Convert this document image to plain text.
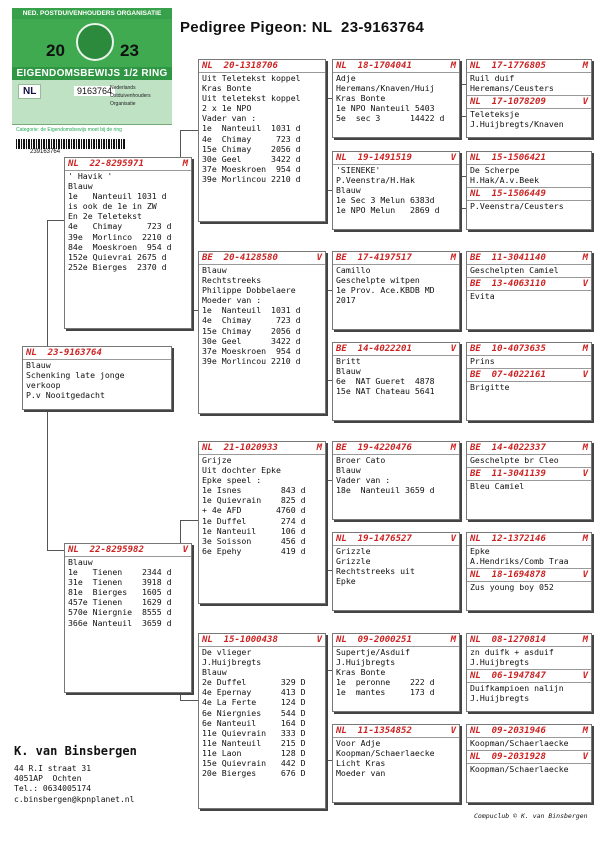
NED. POSTDUIVENHOUDERS ORGANISATIE
20	23
EIGENDOMSBEWIJS 1/2 RING
NL	9163764
Nederlands
Ostduivenhouders
Organisatie
Categorie: de Eigendomsbewijs moet bij de ring
239163764
Pedigree Pigeon: NL  23-9163764
NL  23-9163764
Blauw
Schenking late jonge
verkoop
P.v Nooitgedacht
NL  22-8295971	M
' Havik '
Blauw
1e   Nanteuil 1031 d
is ook de 1e in ZW
En 2e Teletekst
4e   Chimay     723 d
39e  Morlinco  2210 d
84e  Moeskroen  954 d
152e Quievrai 2675 d
252e Bierges  2370 d
NL  22-8295982	V
Blauw
1e   Tienen    2344 d
31e  Tienen    3918 d
81e  Bierges   1605 d
457e Tienen    1629 d
570e Niergnie  8555 d
366e Nanteuil  3659 d
NL  20-1318706
Uit Teletekst koppel
Kras Bonte
Uit teletekst koppel
2 x 1e NPO
Vader van :
1e  Nanteuil  1031 d
4e  Chimay     723 d
15e Chimay    2056 d
30e Geel      3422 d
37e Moeskroen  954 d
39e Morlincou 2210 d
BE  20-4128580	V
Blauw
Rechtstreeks
Philippe Dobbelaere
Moeder van :
1e  Nanteuil  1031 d
4e  Chimay     723 d
15e Chimay    2056 d
30e Geel      3422 d
37e Moeskroen  954 d
39e Morlincou 2210 d
NL  21-1020933	M
Grijze
Uit dochter Epke
Epke speel :
1e Isnes        843 d
1e Quievrain    825 d
+ 4e AFD       4760 d
1e Duffel       274 d
1e Nanteuil     106 d
3e Soisson      456 d
6e Epehy        419 d
NL  15-1000438	V
De vlieger
J.Huijbregts
Blauw
2e Duffel       329 D
4e Epernay      413 D
4e La Ferte     124 D
6e Niergnies    544 D
6e Nanteuil     164 D
11e Quievrain   333 D
11e Nanteuil    215 D
11e Laon        128 D
15e Quievrain   442 D
20e Bierges     676 D
NL  18-1704041	M
Adje
Heremans/Knaven/Huij
Kras Bonte
1e NPO Nanteuil 5403
5e  sec 3      14422 d
NL  19-1491519	V
'SIENEKE'
P.Veenstra/H.Hak
Blauw
1e Sec 3 Melun 6383d
1e NPO Melun   2869 d
BE  17-4197517	M
Camillo
Geschelpte witpen
1e Prov. Ace.KBDB MD
2017
BE  14-4022201	V
Britt
Blauw
6e  NAT Gueret  4878
15e NAT Chateau 5641
BE  19-4220476	M
Broer Cato
Blauw
Vader van :
18e  Nanteuil 3659 d
NL  19-1476527	V
Grizzle
Grizzle
Rechtstreeks uit
Epke
NL  09-2000251	M
Supertje/Asduif
J.Huijbregts
Kras Bonte
1e  peronne    222 d
1e  mantes     173 d
NL  11-1354852	V
Voor Adje
Koopman/Schaerlaecke
Licht Kras
Moeder van
NL  17-1776805	M
Ruil duif
Heremans/Ceusters
NL  17-1078209	V
Teleteksje
J.Huijbregts/Knaven
NL  15-1506421
De Scherpe
H.Hak/A.v.Beek
NL  15-1506449
P.Veenstra/Ceusters
BE  11-3041140	M
Geschelpten Camiel
BE  13-4063110	V
Evita
BE  10-4073635	M
Prins
BE  07-4022161	V
Brigitte
BE  14-4022337	M
Geschelpte br Cleo
BE  11-3041139	V
Bleu Camiel
NL  12-1372146	M
Epke
A.Hendriks/Comb Traa
NL  18-1694878	V
Zus young boy 052
NL  08-1270814	M
zn duifk + asduif
J.Huijbregts
NL  06-1947847	V
Duifkampioen nalijn
J.Huijbregts
NL  09-2031946	M
Koopman/Schaerlaecke
NL  09-2031928	V
Koopman/Schaerlaecke
K. van Binsbergen
44 R.I straat 31
4051AP  Ochten
Tel.: 0634005174
c.binsbergen@kpnplanet.nl
Compuclub © K. van Binsbergen
